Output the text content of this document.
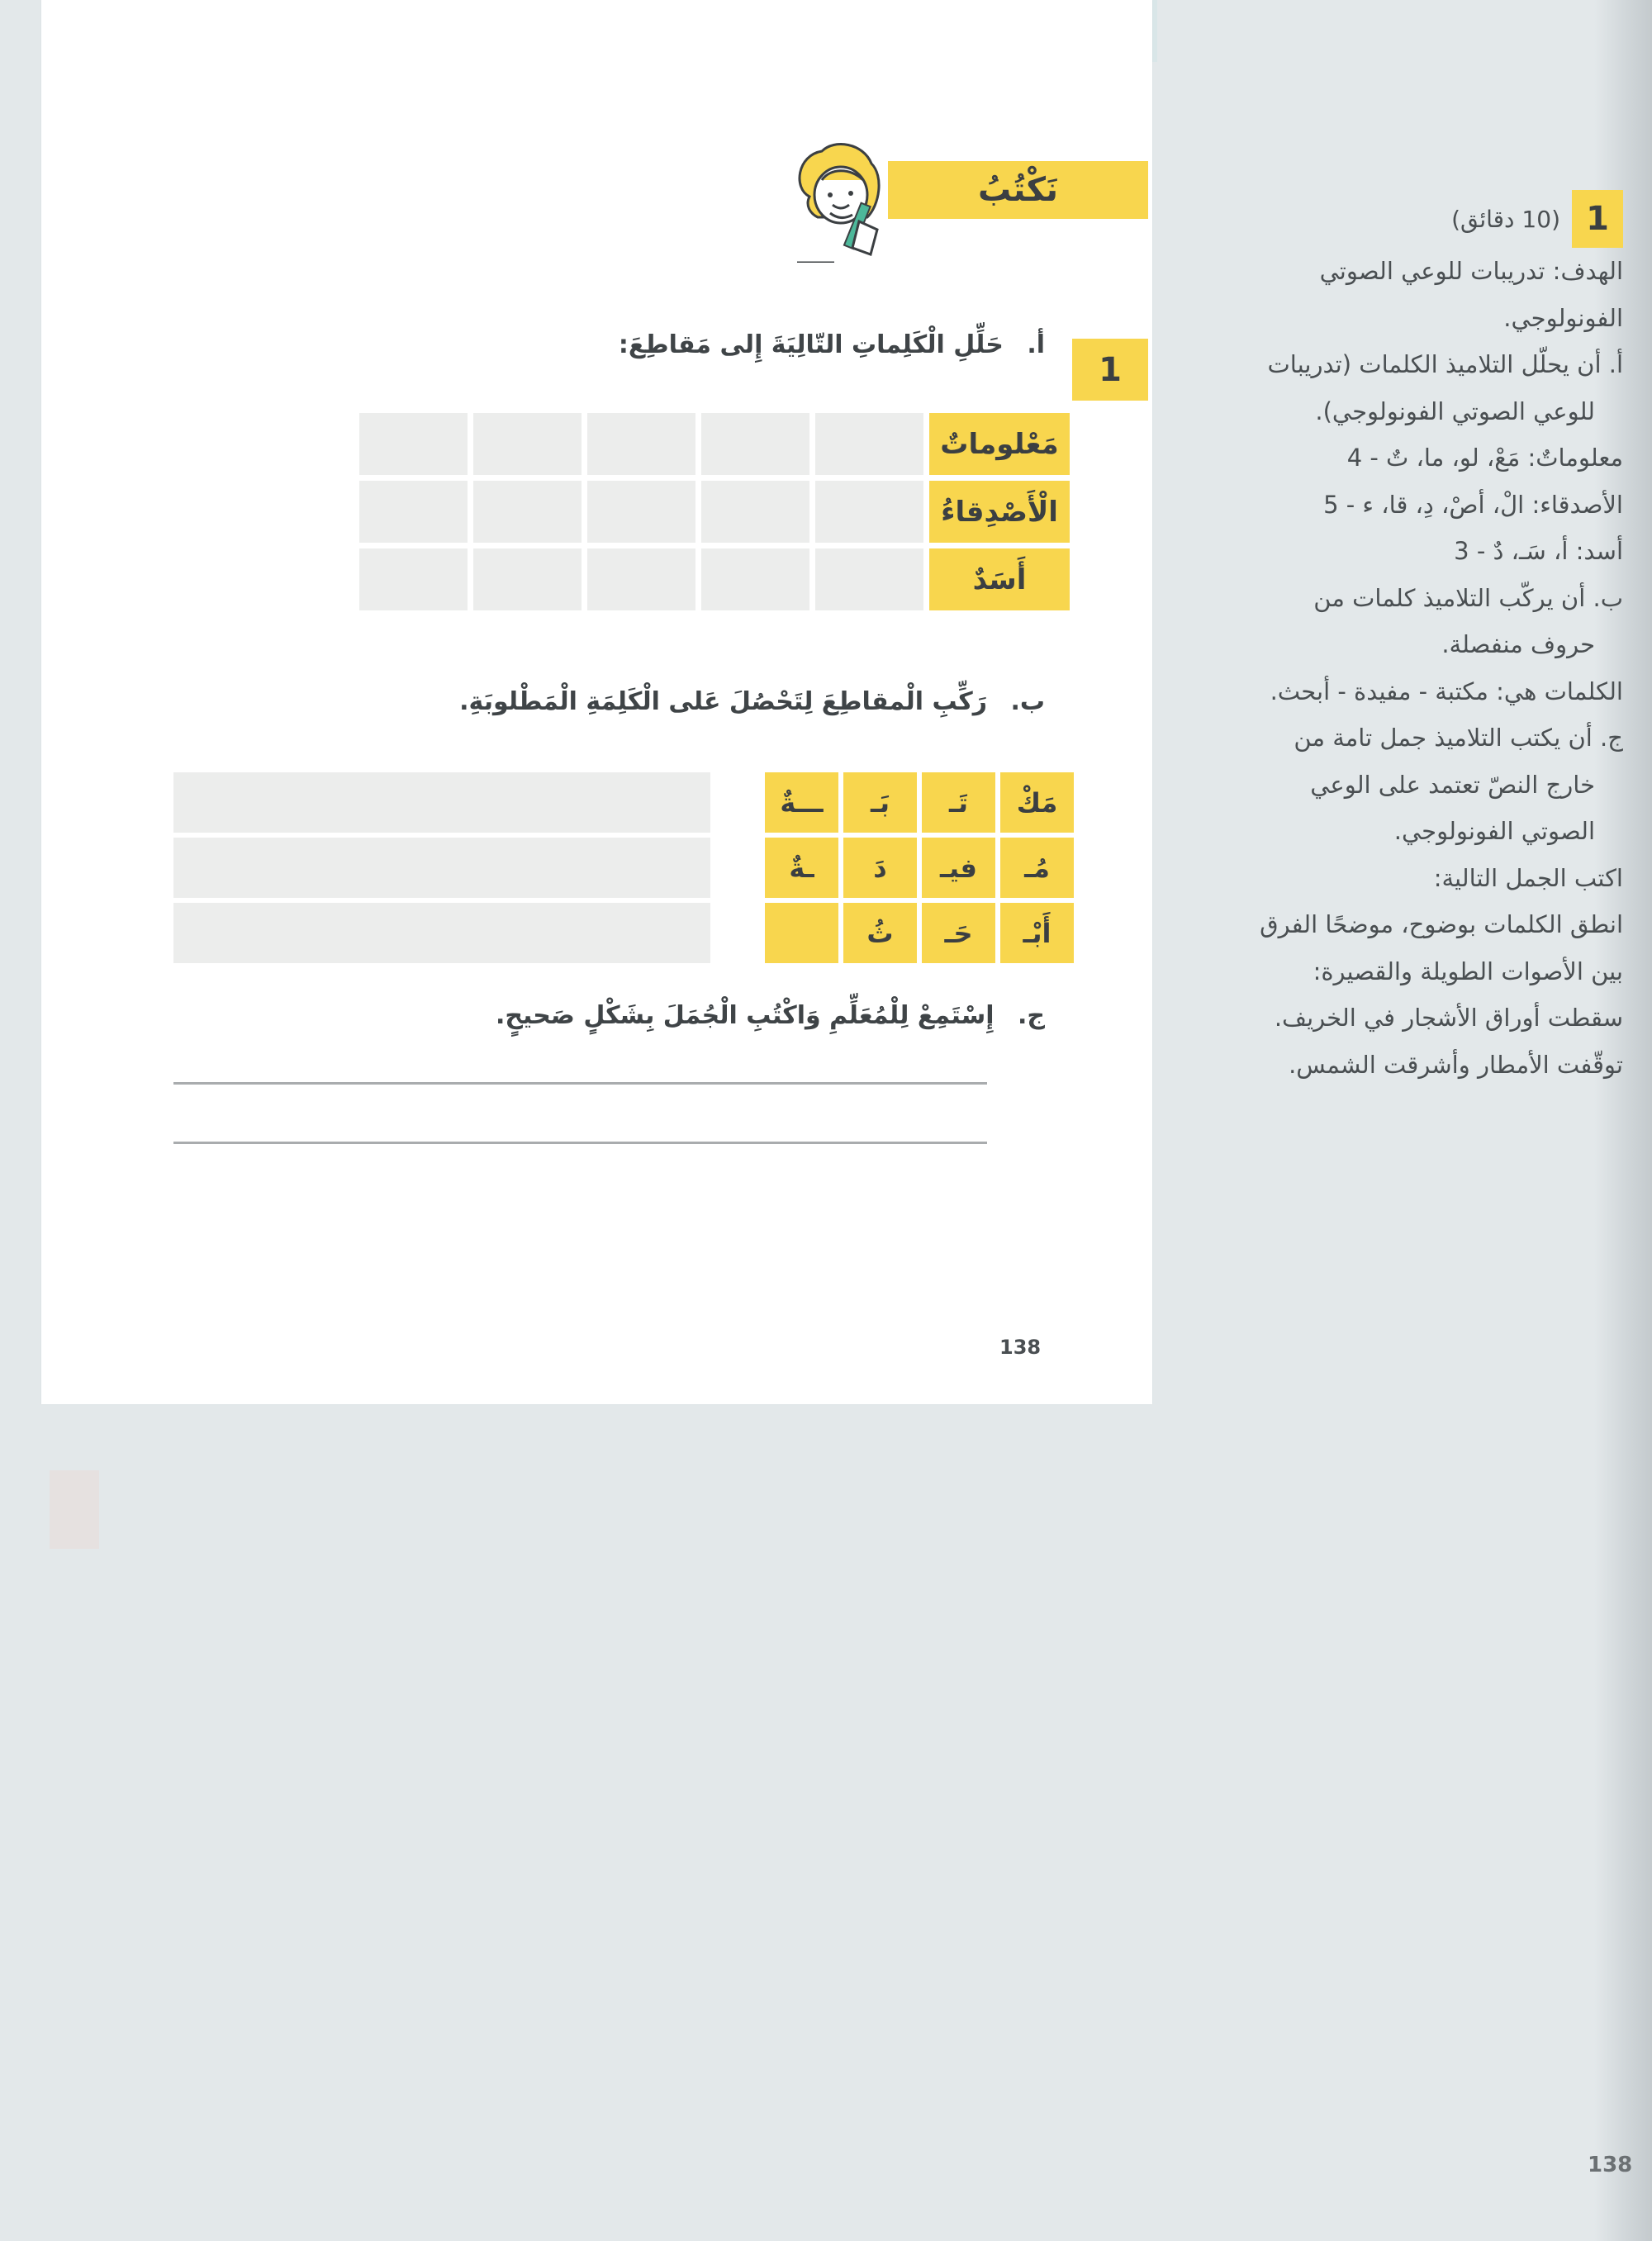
نَكْتُبُ
1
أ. حَلِّلِ الْكَلِماتِ التّالِيَةَ إِلى مَقاطِعَ:
مَعْلوماتٌ
الْأَصْدِقاءُ
أَسَدٌ
ب. رَكِّبِ الْمقاطِعَ لِتَحْصُلَ عَلى الْكَلِمَةِ الْمَطْلوبَةِ.
مَكْ
تَـ
بَـ
ـــةٌ
مُـ
فيـ
دَ
ـةٌ
أَبْـ
حَـ
ثُ
ج. إِسْتَمِعْ لِلْمُعَلِّمِ وَاكْتُبِ الْجُمَلَ بِشَكْلٍ صَحيحٍ.
138
1
(10 دقائق)
الهدف: تدريبات للوعي الصوتي
الفونولوجي.
أ. أن يحلّل التلاميذ الكلمات (تدريبات
للوعي الصوتي الفونولوجي).
معلوماتٌ: مَعْ، لو، ما، تٌ - 4
الأصدقاء: الْ، أصْ، دِ، قا، ء - 5
أسد: أ، سَـ، دٌ - 3
ب. أن يركّب التلاميذ كلمات من
حروف منفصلة.
الكلمات هي: مكتبة - مفيدة - أبحث.
ج. أن يكتب التلاميذ جمل تامة من
خارج النصّ تعتمد على الوعي
الصوتي الفونولوجي.
اكتب الجمل التالية:
انطق الكلمات بوضوح، موضحًا الفرق
بين الأصوات الطويلة والقصيرة:
سقطت أوراق الأشجار في الخريف.
توقّفت الأمطار وأشرقت الشمس.
138
